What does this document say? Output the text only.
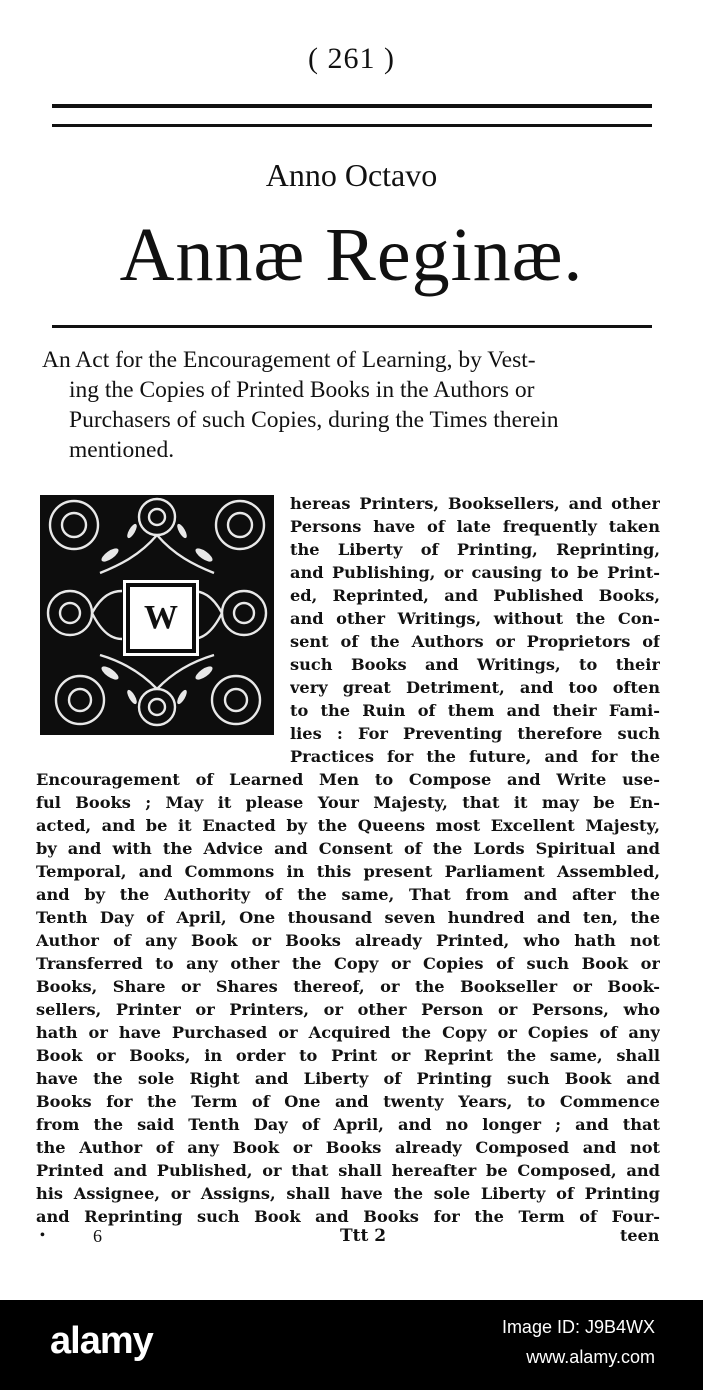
( 261 )
Anno Octavo
Annæ Reginæ.
An Act for the Encouragement of Learning, by Vest-
ing the Copies of Printed Books in the Authors or
Purchasers of such Copies, during the Times therein
mentioned.
W
hereas Printers, Booksellers, and other
Persons have of late frequently taken
the Liberty of Printing, Reprinting,
and Publishing, or causing to be Print-
ed, Reprinted, and Published Books,
and other Writings, without the Con-
sent of the Authors or Proprietors of
such Books and Writings, to their
very great Detriment, and too often
to the Ruin of them and their Fami-
lies : For Preventing therefore such
Practices for the future, and for the
Encouragement of Learned Men to Compose and Write use-
ful Books ; May it please Your Majesty, that it may be En-
acted, and be it Enacted by the Queens most Excellent Majesty,
by and with the Advice and Consent of the Lords Spiritual and
Temporal, and Commons in this present Parliament Assembled,
and by the Authority of the same, That from and after the
Tenth Day of April, One thousand seven hundred and ten, the
Author of any Book or Books already Printed, who hath not
Transferred to any other the Copy or Copies of such Book or
Books, Share or Shares thereof, or the Bookseller or Book-
sellers, Printer or Printers, or other Person or Persons, who
hath or have Purchased or Acquired the Copy or Copies of any
Book or Books, in order to Print or Reprint the same, shall
have the sole Right and Liberty of Printing such Book and
Books for the Term of One and twenty Years, to Commence
from the said Tenth Day of April, and no longer ; and that
the Author of any Book or Books already Composed and not
Printed and Published, or that shall hereafter be Composed, and
his Assignee, or Assigns, shall have the sole Liberty of Printing
and Reprinting such Book and Books for the Term of Four-
•	6	Ttt 2	teen
alamy	Image ID: J9B4WX
www.alamy.com
